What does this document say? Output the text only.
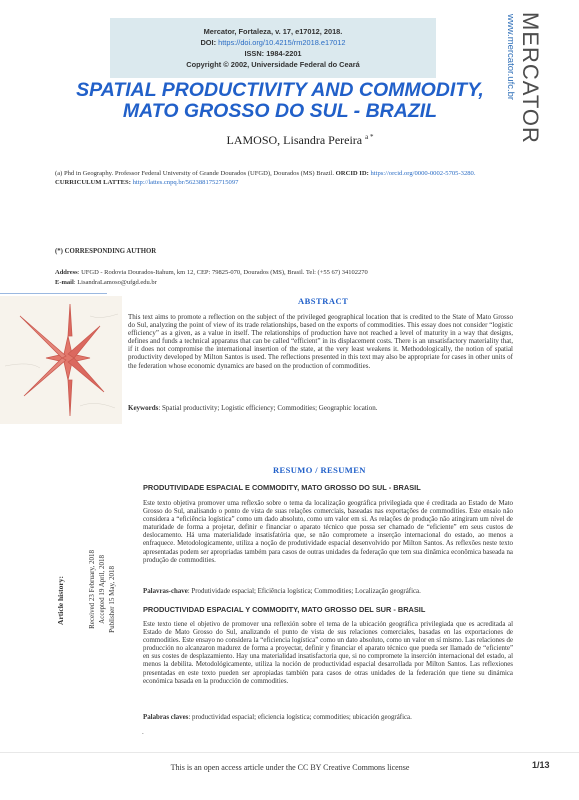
Mercator, Fortaleza, v. 17, e17012, 2018.
DOI: https://doi.org/10.4215/rm2018.e17012
ISSN: 1984-2201
Copyright © 2002, Universidade Federal do Ceará	www.mercator.ufc.br MERCATOR
SPATIAL PRODUCTIVITY AND COMMODITY,
MATO GROSSO DO SUL - BRAZIL
LAMOSO, Lisandra Pereira $^{a *}$
(a) Phd in Geography. Professor Federal University of Grande Dourados (UFGD), Dourados (MS) Brazil. ORCID ID: https://orcid.org/0000-0002-5705-3280. CURRICULUM LATTES: http://lattes.cnpq.br/5623881752715097
(*) CORRESPONDING AUTHOR
Address: UFGD - Rodovia Dourados-Itahum, km 12, CEP: 79825-070, Dourados (MS), Brasil. Tel: (+55 67) 34102270
E-mail: LisandraLamoso@ufgd.edu.br
ABSTRACT
This text aims to promote a reflection on the subject of the privileged geographical location that is credited to the State of Mato Grosso do Sul, analyzing the point of view of its trade relationships, based on the exports of commodities. This essay does not consider “logistic efficiency” as a given, as a value in itself. The relationships of production have not reached a level of maturity in a way that designs, defines and funds a technical apparatus that can be called “efficient” in its displacement costs. There is an unsatisfactory materiality that, if it does not compromise the international insertion of the state, at the very least weakens it. Methodologically, the notion of spatial productivity developed by Milton Santos is used. The reflections presented in this text may also be appropriate for cases in other units of the federation whose economic dynamics are based on the production of commodities.
Keywords: Spatial productivity; Logistic efficiency; Commodities; Geographic location.
RESUMO / RESUMEN
PRODUTIVIDADE ESPACIAL E COMMODITY, MATO GROSSO DO SUL - BRASIL
Este texto objetiva promover uma reflexão sobre o tema da localização geográfica privilegiada que é creditada ao Estado de Mato Grosso do Sul, analisando o ponto de vista de suas relações comerciais, baseadas nas exportações de commodities. Este ensaio não considera a “eficiência logística” como um dado absoluto, como um valor em si. As relações de produção não atingiram um nível de maturidade de forma a projetar, definir e financiar o aparato técnico que possa ser chamado de “eficiente” em seus custos de deslocamento. Há uma materialidade insatisfatória que, se não compromete a inserção internacional do estado, ao menos a enfraquece. Metodologicamente, utiliza a noção de produtividade espacial desenvolvido por Milton Santos. As reflexões neste texto apresentadas podem ser apropriadas também para casos de outras unidades da federação que tem sua dinâmica econômica baseada na produção de commodities.
Palavras-chave: Produtividade espacial; Eficiência logística; Commodities; Localização geográfica.
PRODUCTIVIDAD ESPACIAL Y COMMODITY, MATO GROSSO DEL SUR - BRASIL
Este texto tiene el objetivo de promover una reflexión sobre el tema de la ubicación geográfica privilegiada que es acreditada al Estado de Mato Grosso do Sul, analizando el punto de vista de sus relaciones comerciales, basadas en las exportaciones de commodities. Este ensayo no considera la “eficiencia logística” como un dato absoluto, como un valor en sí mismo. Las relaciones de producción no alcanzaron madurez de forma a proyectar, definir y financiar el aparato técnico que pueda ser llamado de “eficiente” en sus costes de desplazamiento. Hay una materialidad insatisfactoria que, si no compromete la inserción internacional del estado, al menos la debilita. Metodológicamente, utiliza la noción de productividad espacial desarrollada por Milton Santos. Las reflexiones presentadas en este texto pueden ser apropiadas también para casos de otras unidades de la federación que tiene su dinámica económica basada en la producción de commodities.
Palabras claves: productividad espacial; eficiencia logística; commodities; ubicación geográfica.
Article history:	Received 23 February, 2018 Accepted 19 April, 2018 Publisher 15 May, 2018
.
This is an open access article under the CC BY Creative Commons license	1/13
